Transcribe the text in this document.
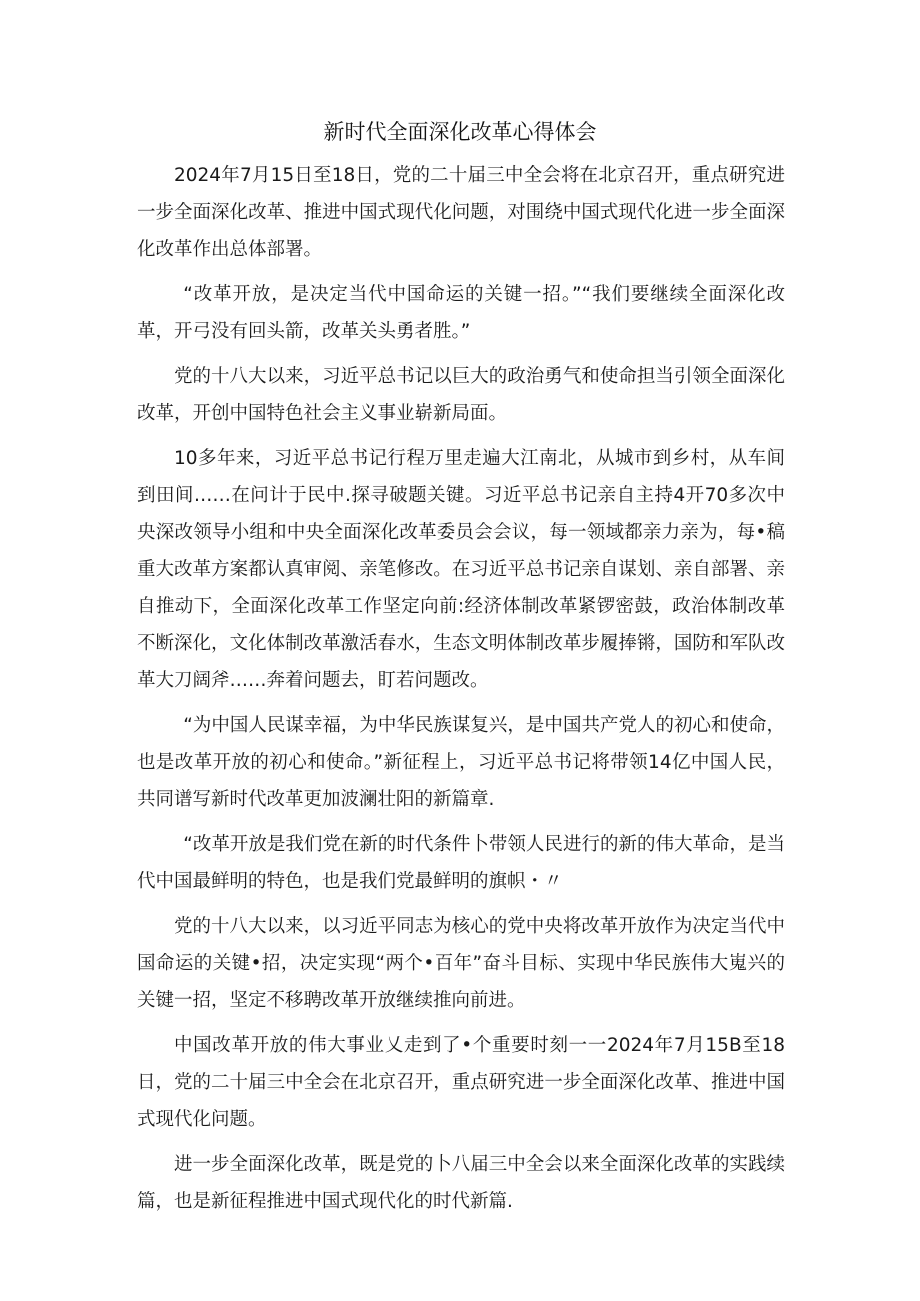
新时代全面深化改革心得体会

2024年7月15日至18日，党的二十届三中全会将在北京召开，重点研究进一步全面深化改革、推进中国式现代化问题，对围绕中国式现代化进一步全面深化改革作出总体部署。

“改革开放，是决定当代中国命运的关键一招。”“我们要继续全面深化改革，开弓没有回头箭，改革关头勇者胜。”

党的十八大以来，习近平总书记以巨大的政治勇气和使命担当引领全面深化改革，开创中国特色社会主义事业崭新局面。

10多年来，习近平总书记行程万里走遍大江南北，从城市到乡村，从车间到田间……在问计于民中.探寻破题关键。习近平总书记亲自主持4开70多次中央深改领导小组和中央全面深化改革委员会会议，每一领域都亲力亲为，每•稿重大改革方案都认真审阅、亲笔修改。在习近平总书记亲自谋划、亲自部署、亲自推动下，全面深化改革工作坚定向前:经济体制改革紧锣密鼓，政治体制改革不断深化，文化体制改革激活春水，生态文明体制改革步履捧锵，国防和军队改革大刀阔斧……奔着问题去，盯若问题改。

“为中国人民谋幸福，为中华民族谋复兴，是中国共产党人的初心和使命，也是改革开放的初心和使命。”新征程上，习近平总书记将带领14亿中国人民，共同谱写新时代改革更加波澜壮阳的新篇章.

“改革开放是我们党在新的时代条件卜带领人民进行的新的伟大革命，是当代中国最鲜明的特色，也是我们党最鲜明的旗帜・〃

党的十八大以来，以习近平同志为核心的党中央将改革开放作为决定当代中国命运的关键•招，决定实现“两个•百年”奋斗目标、实现中华民族伟大嵬兴的关键一招，坚定不移聘改革开放继续推向前进。

中国改革开放的伟大事业乂走到了•个重要时刻一一2024年7月15B至18日，党的二十届三中全会在北京召开，重点研究进一步全面深化改革、推进中国式现代化问题。

进一步全面深化改革，既是党的卜八届三中全会以来全面深化改革的实践续篇，也是新征程推进中国式现代化的时代新篇.
